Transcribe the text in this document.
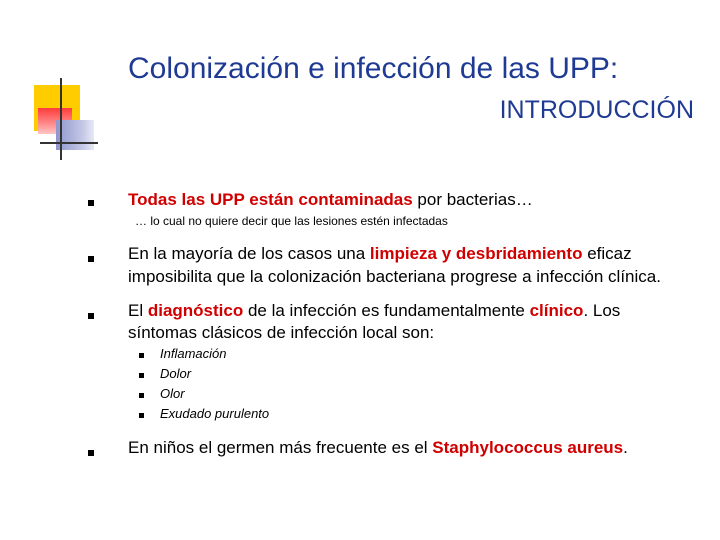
Colonización e infección de las UPP:
INTRODUCCIÓN
Todas las UPP están contaminadas por bacterias…
… lo cual no quiere decir que las lesiones estén infectadas
En la mayoría de los casos una limpieza y desbridamiento eficaz
imposibilita que la colonización bacteriana progrese a infección clínica.
El diagnóstico de la infección es fundamentalmente clínico. Los
síntomas clásicos de infección local son:
Inflamación
Dolor
Olor
Exudado purulento
En niños el germen más frecuente es el Staphylococcus aureus.
